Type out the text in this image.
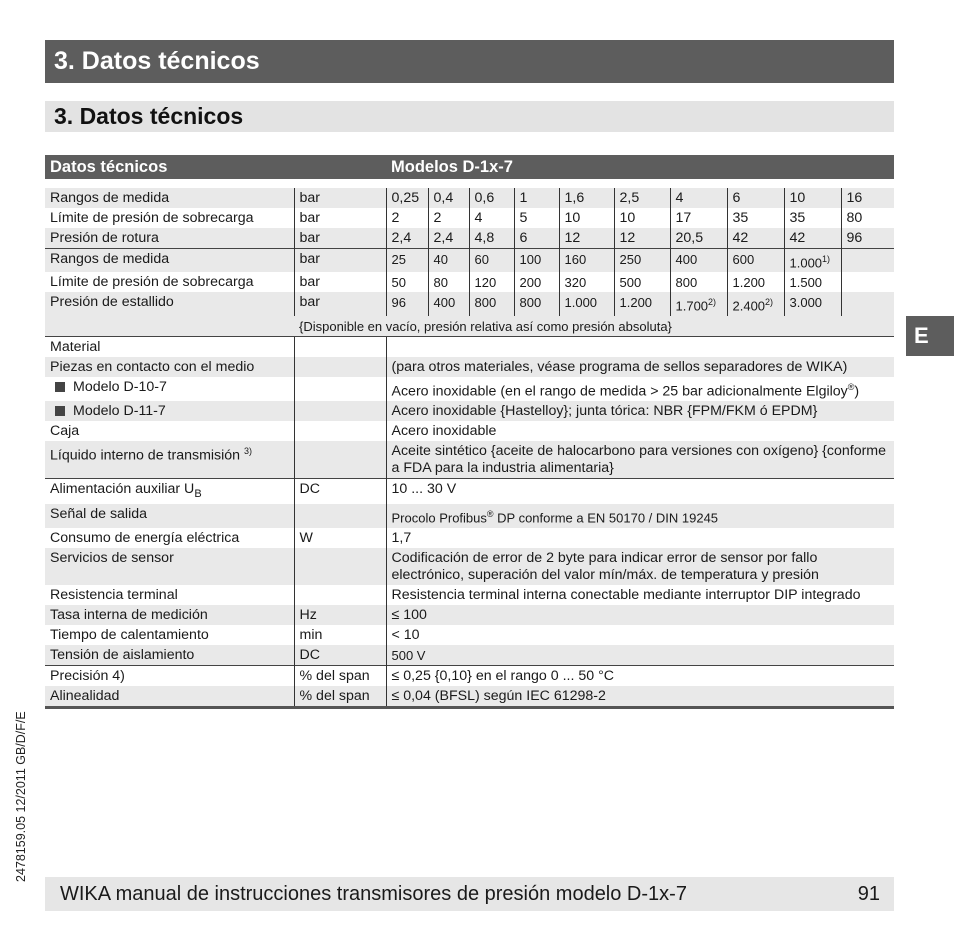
3. Datos técnicos
3. Datos técnicos
Datos técnicos		Modelos D-1x-7									

Rangos de medida	bar	0,25	0,4	0,6	1	1,6	2,5	4	6	10	16
Límite de presión de sobrecarga	bar	2	2	4	5	10	10	17	35	35	80
Presión de rotura	bar	2,4	2,4	4,8	6	12	12	20,5	42	42	96
Rangos de medida	bar	25	40	60	100	160	250	400	600	1.000$^{1)}$	
Límite de presión de sobrecarga	bar	50	80	120	200	320	500	800	1.200	1.500	
Presión de estallido	bar	96	400	800	800	1.000	1.200	1.700$^{2)}$	2.400$^{2)}$	3.000	
	{Disponible en vacío, presión relativa así como presión absoluta}										
Material											
Piezas en contacto con el medio		(para otros materiales, véase programa de sellos separadores de WIKA)									
Modelo D-10-7		Acero inoxidable (en el rango de medida > 25 bar adicionalmente Elgiloy®)									
Modelo D-11-7		Acero inoxidable {Hastelloy}; junta tórica: NBR {FPM/FKM ó EPDM}									
Caja		Acero inoxidable									
Líquido interno de transmisión $^{3)}$		Aceite sintético {aceite de halocarbono para versiones con oxígeno} {conforme a FDA para la industria alimentaria}									
Alimentación auxiliar $U_B$	DC	10 ... 30 V									
Señal de salida		Procolo Profibus® DP conforme a EN 50170 / DIN 19245									
Consumo de energía eléctrica	W	1,7									
Servicios de sensor		Codificación de error de 2 byte para indicar error de sensor por fallo electrónico, superación del valor mín/máx. de temperatura y presión									
Resistencia terminal		Resistencia terminal interna conectable mediante interruptor DIP integrado									
Tasa interna de medición	Hz	≤ 100									
Tiempo de calentamiento	min	< 10									
Tensión de aislamiento	DC	500 V									
Precisión 4)	% del span	≤ 0,25 {0,10} en el rango 0 ... 50 °C									
Alinealidad	% del span	≤ 0,04 (BFSL) según IEC 61298-2									
E
2478159.05 12/2011 GB/D/F/E
WIKA manual de instrucciones transmisores de presión modelo D-1x-7	91
